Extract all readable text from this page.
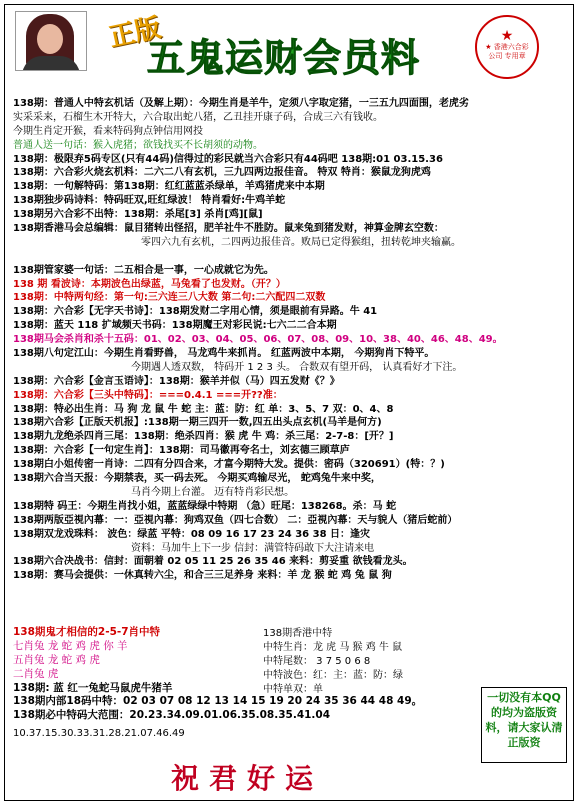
正版
五鬼运财会员料	★
★ 香港六合彩公司 专用章
138期：普通人中特玄机话（及解上期）：今期生肖是羊牛，定须八字取定猪，一三五九四面围，老虎劣
实采采来，石榴生木开特大，六合取出蛇八猪，乙丑挂开康子码，合成三六有钱收。
今期生肖定开猴，看来特码狗点钟信用网投
普通人送一句话：猴入虎猪；欲钱找买不长胡须的动物。
138期：极限弃5码专区(只有44码)信得过的彩民就当六合彩只有44码吧 138期:01 03.15.36
138期：六合彩火烧玄机料：二六二八有玄机，三九四两边报佳音。 特双 特肖：猴鼠龙狗虎鸡
138期：一句解特码：第138期：红红蓝蓝杀绿单，羊鸡猪虎来中本期
138期独步码诗料：特码旺双,旺红绿波！ 特肖看好:牛鸡羊蛇
138期另六合彩不出特：138期：杀尾[3] 杀肖[鸡][鼠]
138期香港马会总编辑：鼠目猪转出怪招，肥羊社牛不胜防。鼠来兔到猪发财，神算金牌玄空数：
零四六九有玄机，二四两边报佳音。败局已定得猴组，扭转乾坤夹输赢。
138期管家婆一句话：二五相合是一事，一心成就它为先。
138 期 看波诗：本期波色出绿蓝，马兔看了也发财。（开？）
138期：中特两句经：第一句:三六连三八大数 第二句:二六配四二双数
138期：六合彩【无字天书诗】：138期发财二字用心情，须是眼前有异路。牛 41
138期：蓝天 118 扩域频天书码：138期魔王对彩民说:七六二二合本期
138期马会杀肖和杀十五码：01、02、03、04、05、06、07、08、09、10、38、40、46、48、49。
138期八句定江山：今期生肖看野兽， 马龙鸡牛来抓肖。 红蓝两波中本期， 今期狗肖下特平。
今期遇人透双数， 特码开 1 2 3 头。 合数双有望开码， 认真看好才下注。
138期：六合彩【金言玉语诗】：138期：猴羊并似（马）四五发财《？》
138期：六合彩【三头中特码】：===0.4.1 ===开??准：
138期：特必出生肖：马 狗 龙 鼠 牛 蛇 主：蓝：防：红 单：3、5、7 双：0、4、8
138期六合彩【正版天机报】:138期一期三四开一数,四五出头点玄机(马羊是何方)
138期九龙绝杀四肖三尾：138期：绝杀四肖：猴 虎 牛 鸡：杀三尾：2-7-8：[开？]
138期：六合彩【一句定生肖】：138期：司马徽再夸名士，刘玄德三顾草庐
138期白小姐传密一肖诗：二四有分四合来，才富今期特大发。提供：密码（320691）(特：？)
138期六合当天报：今期禁表，买一码去死。 今期买鸡输尽光， 蛇鸡兔牛来中奖，
马肖今期上台灌。 迈有特肖彩民想。
138期特 码王：今期生肖找小姐，蓝蓝绿绿中特期 （急）旺尾：138268。杀：马 蛇
138期两版亞視內幕：一：亞視內幕：狗鸡双鱼（四七合数） 二：亞視內幕：天与貌人（猪后蛇前）
138期双龙戏珠料： 波色：绿蓝 平特：08 09 16 17 23 24 36 38 日：逢灾
资料：马加牛上下一步 信封：满管特码敢下大注请来电
138期六合决战书：信封：面朝着 02 05 11 25 26 35 46 来料：剪妥重 欲钱看龙头。
138期：赛马会提供：一休真转六尘，和合三三足养身 来料：羊 龙 猴 蛇 鸡 兔 鼠 狗
138期鬼才相信的2-5-7肖中特
七肖兔 龙 蛇 鸡 虎 你 羊
五肖兔 龙 蛇 鸡 虎
二肖兔 虎
138期: 蓝 红一兔蛇马鼠虎牛猪羊
138期内部18码中特：02 03 07 08 12 13 14 15 19 20 24 35 36 44 48 49。
138期必中特码大范围：20.23.34.09.01.06.35.08.35.41.04
138期香港中特
中特生肖：龙 虎 马 猴 鸡 牛 鼠
中特尾数： 3 7 5 0 6 8
中特波色：红：主：蓝：防：绿
中特单双：单
一切没有本QQ的均为盗版资料，请大家认清正版资
10.37.15.30.33.31.28.21.07.46.49
祝君好运
